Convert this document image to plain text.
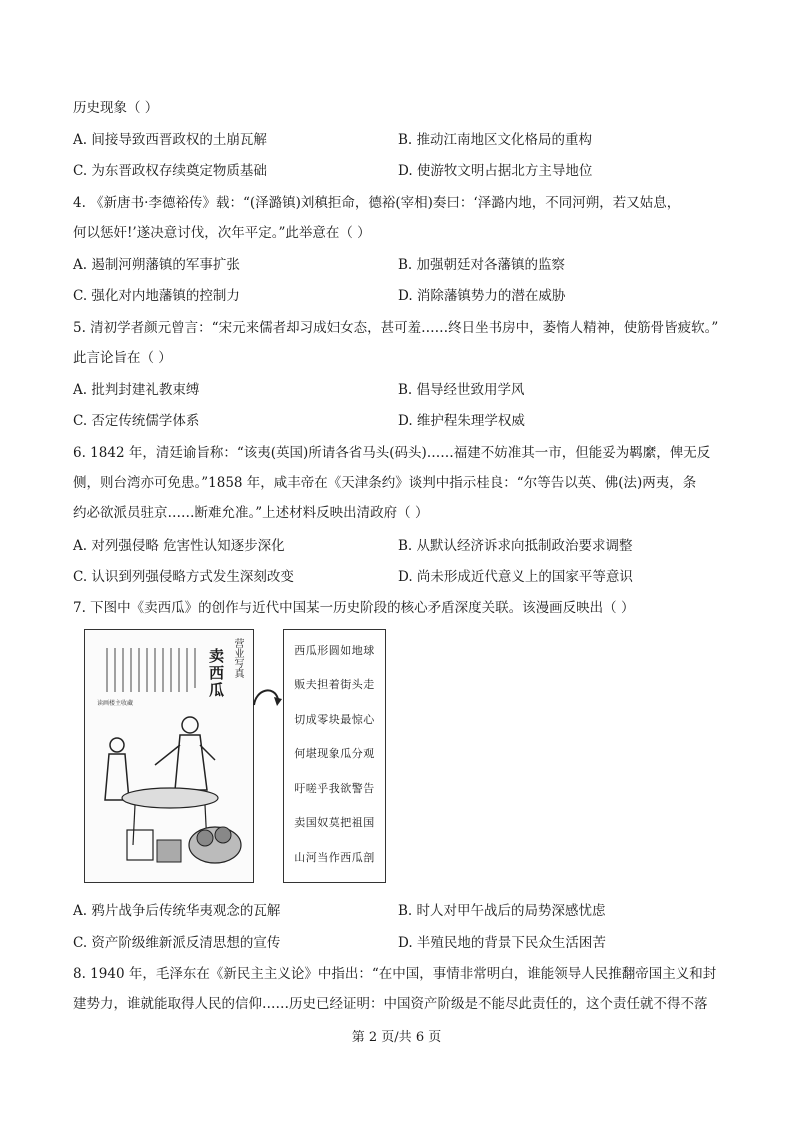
历史现象（ ）
A. 间接导致西晋政权的土崩瓦解	B. 推动江南地区文化格局的重构
C. 为东晋政权存续奠定物质基础	D. 使游牧文明占据北方主导地位
4. 《新唐书·李德裕传》载：“(泽潞镇)刘稹拒命，德裕(宰相)奏曰：‘泽潞内地，不同河朔，若又姑息，
何以惩奸!’遂决意讨伐，次年平定。”此举意在（ ）
A. 遏制河朔藩镇的军事扩张	B. 加强朝廷对各藩镇的监察
C. 强化对内地藩镇的控制力	D. 消除藩镇势力的潜在威胁
5. 清初学者颜元曾言：“宋元来儒者却习成妇女态，甚可羞……终日坐书房中，萎惰人精神，使筋骨皆疲软。”
此言论旨在（ ）
A. 批判封建礼教束缚	B. 倡导经世致用学风
C. 否定传统儒学体系	D. 维护程朱理学权威
6. 1842 年，清廷谕旨称：“该夷(英国)所请各省马头(码头)……福建不妨准其一市，但能妥为羁縻，俾无反
侧，则台湾亦可免患。”1858 年，咸丰帝在《天津条约》谈判中指示桂良：“尔等告以英、佛(法)两夷，条
约必欲派员驻京……断难允准。”上述材料反映出清政府（ ）
A. 对列强侵略 危害性认知逐步深化	B. 从默认经济诉求向抵制政治要求调整
C. 认识到列强侵略方式发生深刻改变	D. 尚未形成近代意义上的国家平等意识
7. 下图中《卖西瓜》的创作与近代中国某一历史阶段的核心矛盾深度关联。该漫画反映出（ ）
读画楼主收藏
营业写真
卖西瓜	西瓜形圆如地球
贩夫担着街头走
切成零块最惊心
何堪现象瓜分观
吁嗟乎我欲警告
卖国奴莫把祖国
山河当作西瓜剖
A. 鸦片战争后传统华夷观念的瓦解	B. 时人对甲午战后的局势深感忧虑
C. 资产阶级维新派反清思想的宣传	D. 半殖民地的背景下民众生活困苦
8. 1940 年，毛泽东在《新民主主义论》中指出：“在中国，事情非常明白，谁能领导人民推翻帝国主义和封
建势力，谁就能取得人民的信仰……历史已经证明：中国资产阶级是不能尽此责任的，这个责任就不得不落
第 2 页/共 6 页
